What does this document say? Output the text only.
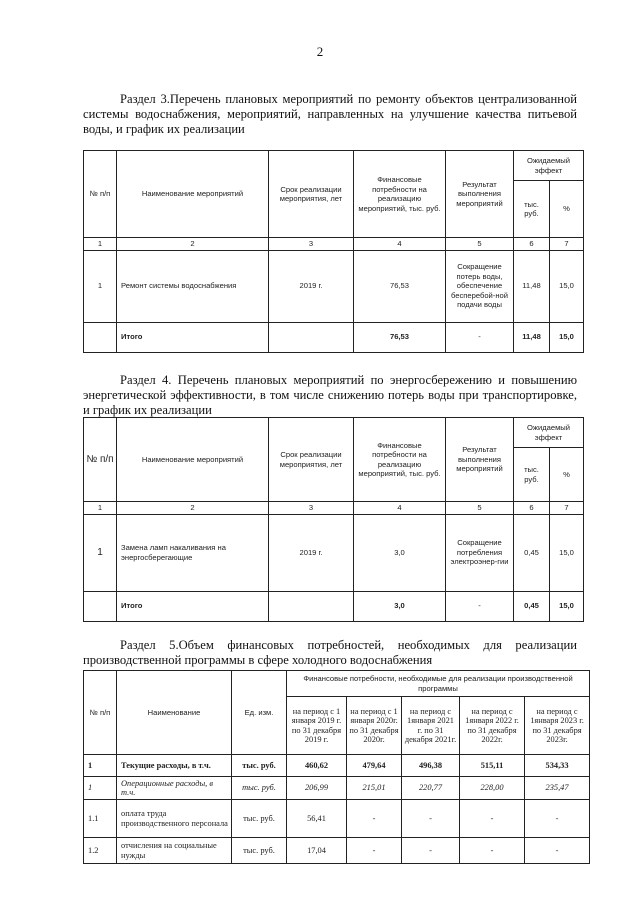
2
Раздел 3.Перечень плановых мероприятий по ремонту объектов централизованной системы водоснабжения, мероприятий, направленных на улучшение качества питьевой воды, и график их реализации
№ п/п	Наименование мероприятий	Срок реализации мероприятия, лет	Финансовые потребности на реализацию мероприятий, тыс. руб.	Результат выполнения мероприятий	Ожидаемый эффект	
					тыс. руб.	%
1	2	3	4	5	6	7
1	Ремонт системы водоснабжения	2019 г.	76,53	Сокращение потерь воды, обеспечение бесперебой-ной подачи воды	11,48	15,0
	Итого		76,53	-	11,48	15,0
Раздел 4. Перечень плановых мероприятий по энергосбережению и повышению энергетической эффективности, в том числе снижению потерь воды при транспортировке, и график их реализации
№ п/п	Наименование мероприятий	Срок реализации мероприятия, лет	Финансовые потребности на реализацию мероприятий, тыс. руб.	Результат выполнения мероприятий	Ожидаемый эффект	
					тыс. руб.	%
1	2	3	4	5	6	7
1	Замена ламп накаливания на энергосберегающие	2019 г.	3,0	Сокращение потребления электроэнер-гии	0,45	15,0
	Итого		3,0	-	0,45	15,0
Раздел 5.Объем финансовых потребностей, необходимых для реализации производственной программы в сфере холодного водоснабжения
№ п/п	Наименование	Ед. изм.	Финансовые потребности, необходимые для реализации производственной программы				
			на период с 1 января 2019 г. по 31 декабря 2019 г.	на период с 1 января 2020г. по 31 декабря 2020г.	на период с 1января 2021 г. по 31 декабря 2021г.	на период с 1января 2022 г. по 31 декабря 2022г.	на период с 1января 2023 г. по 31 декабря 2023г.
1	Текущие расходы, в т.ч.	тыс. руб.	460,62	479,64	496,38	515,11	534,33
1	Операционные расходы, в т.ч.	тыс. руб.	206,99	215,01	220,77	228,00	235,47
1.1	оплата труда производственного персонала	тыс. руб.	56,41	-	-	-	-
1.2	отчисления на социальные нужды	тыс. руб.	17,04	-	-	-	-
